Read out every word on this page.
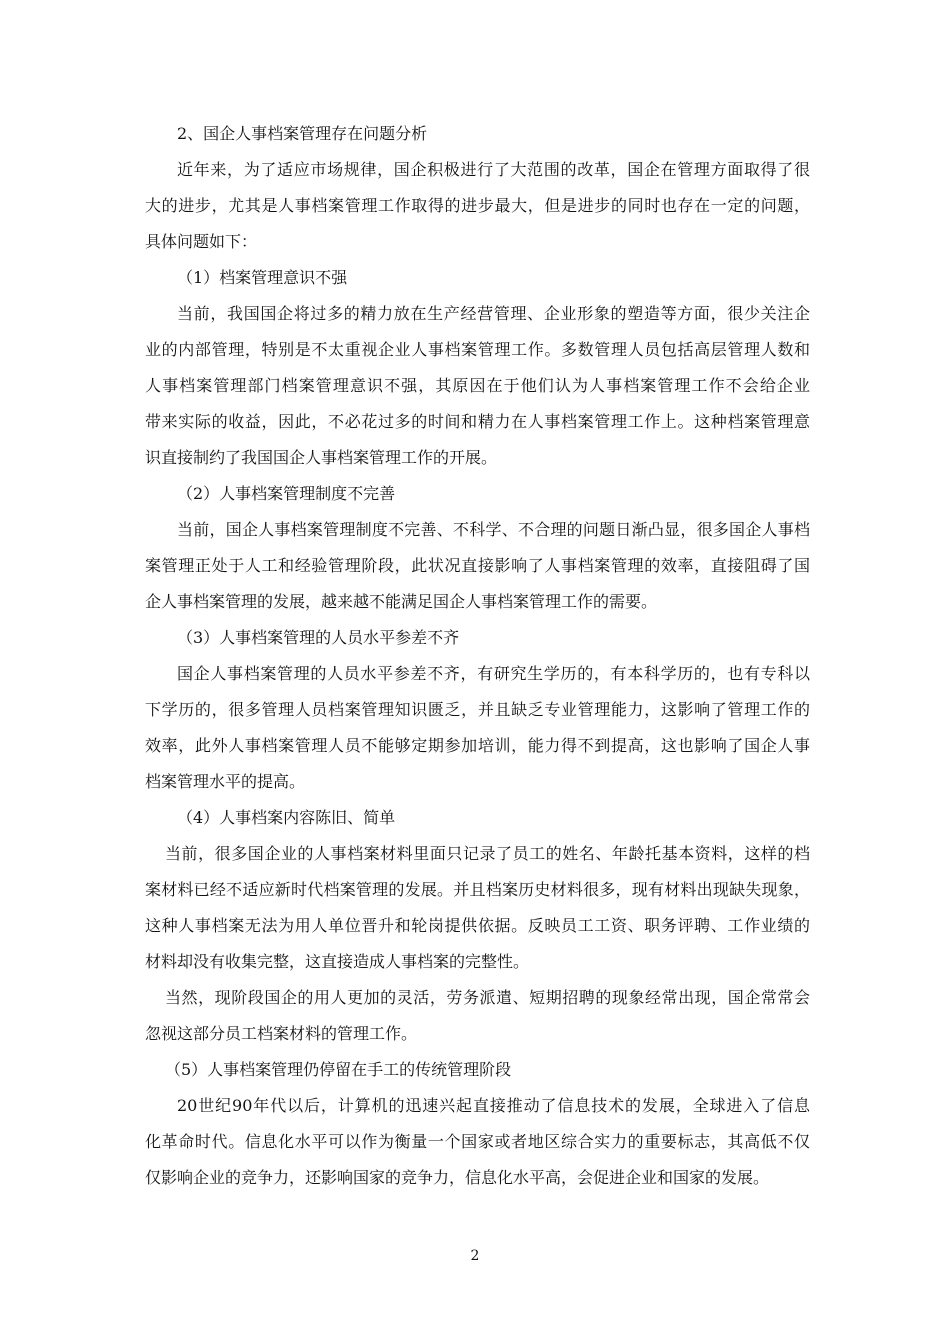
2、国企人事档案管理存在问题分析
近年来，为了适应市场规律，国企积极进行了大范围的改革，国企在管理方面取得了很
大的进步，尤其是人事档案管理工作取得的进步最大，但是进步的同时也存在一定的问题，
具体问题如下：
（1）档案管理意识不强
当前，我国国企将过多的精力放在生产经营管理、企业形象的塑造等方面，很少关注企
业的内部管理，特别是不太重视企业人事档案管理工作。多数管理人员包括高层管理人数和
人事档案管理部门档案管理意识不强，其原因在于他们认为人事档案管理工作不会给企业
带来实际的收益，因此，不必花过多的时间和精力在人事档案管理工作上。这种档案管理意
识直接制约了我国国企人事档案管理工作的开展。
（2）人事档案管理制度不完善
当前，国企人事档案管理制度不完善、不科学、不合理的问题日渐凸显，很多国企人事档
案管理正处于人工和经验管理阶段，此状况直接影响了人事档案管理的效率，直接阻碍了国
企人事档案管理的发展，越来越不能满足国企人事档案管理工作的需要。
（3）人事档案管理的人员水平参差不齐
国企人事档案管理的人员水平参差不齐，有研究生学历的，有本科学历的，也有专科以
下学历的，很多管理人员档案管理知识匮乏，并且缺乏专业管理能力，这影响了管理工作的
效率，此外人事档案管理人员不能够定期参加培训，能力得不到提高，这也影响了国企人事
档案管理水平的提高。
（4）人事档案内容陈旧、简单
当前，很多国企业的人事档案材料里面只记录了员工的姓名、年龄托基本资料，这样的档
案材料已经不适应新时代档案管理的发展。并且档案历史材料很多，现有材料出现缺失现象，
这种人事档案无法为用人单位晋升和轮岗提供依据。反映员工工资、职务评聘、工作业绩的
材料却没有收集完整，这直接造成人事档案的完整性。
当然，现阶段国企的用人更加的灵活，劳务派遣、短期招聘的现象经常出现，国企常常会
忽视这部分员工档案材料的管理工作。
（5）人事档案管理仍停留在手工的传统管理阶段
20世纪90年代以后，计算机的迅速兴起直接推动了信息技术的发展，全球进入了信息
化革命时代。信息化水平可以作为衡量一个国家或者地区综合实力的重要标志，其高低不仅
仅影响企业的竞争力，还影响国家的竞争力，信息化水平高，会促进企业和国家的发展。
2
